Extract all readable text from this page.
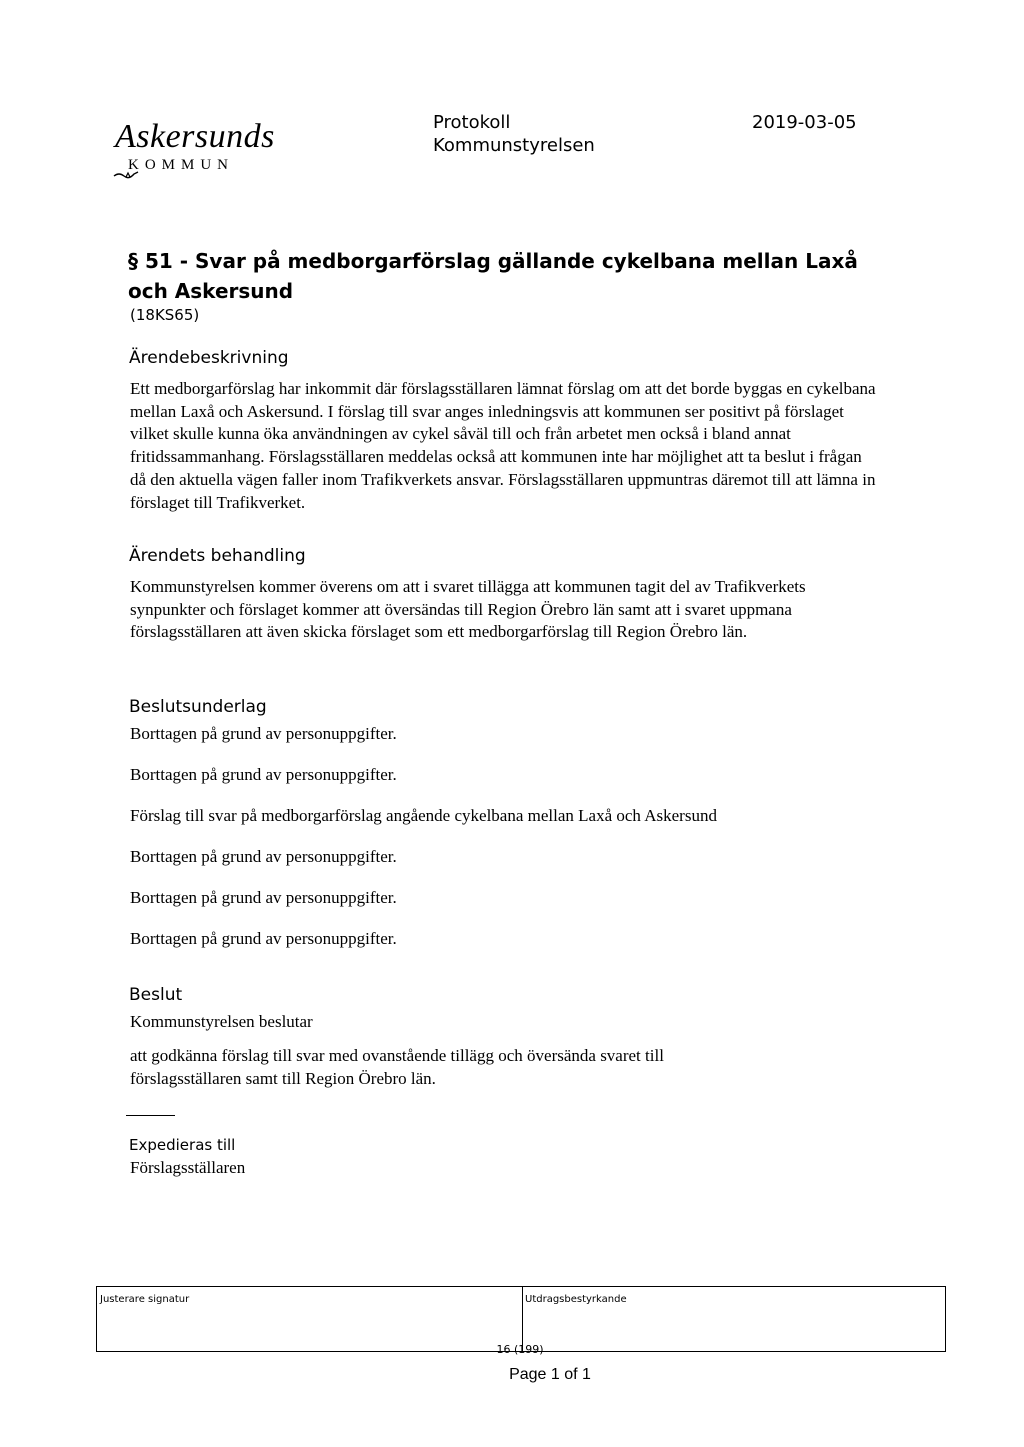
Askersunds
KOMMUN
Protokoll
Kommunstyrelsen
2019-03-05
§ 51 - Svar på medborgarförslag gällande cykelbana mellan Laxå och Askersund
(18KS65)
Ärendebeskrivning
Ett medborgarförslag har inkommit där förslagsställaren lämnat förslag om att det borde byggas en cykelbana mellan Laxå och Askersund. I förslag till svar anges inledningsvis att kommunen ser positivt på förslaget vilket skulle kunna öka användningen av cykel såväl till och från arbetet men också i bland annat fritidssammanhang. Förslagsställaren meddelas också att kommunen inte har möjlighet att ta beslut i frågan då den aktuella vägen faller inom Trafikverkets ansvar. Förslagsställaren uppmuntras däremot till att lämna in förslaget till Trafikverket.
Ärendets behandling
Kommunstyrelsen kommer överens om att i svaret tillägga att kommunen tagit del av Trafikverkets synpunkter och förslaget kommer att översändas till Region Örebro län samt att i svaret uppmana förslagsställaren att även skicka förslaget som ett medborgarförslag till Region Örebro län.
Beslutsunderlag
Borttagen på grund av personuppgifter.
Borttagen på grund av personuppgifter.
Förslag till svar på medborgarförslag angående cykelbana mellan Laxå och Askersund
Borttagen på grund av personuppgifter.
Borttagen på grund av personuppgifter.
Borttagen på grund av personuppgifter.
Beslut
Kommunstyrelsen beslutar
att godkänna förslag till svar med ovanstående tillägg och översända svaret till förslagsställaren samt till Region Örebro län.
Expedieras till
Förslagsställaren
Justerare signatur	Utdragsbestyrkande
16 (199)
Page 1 of 1
